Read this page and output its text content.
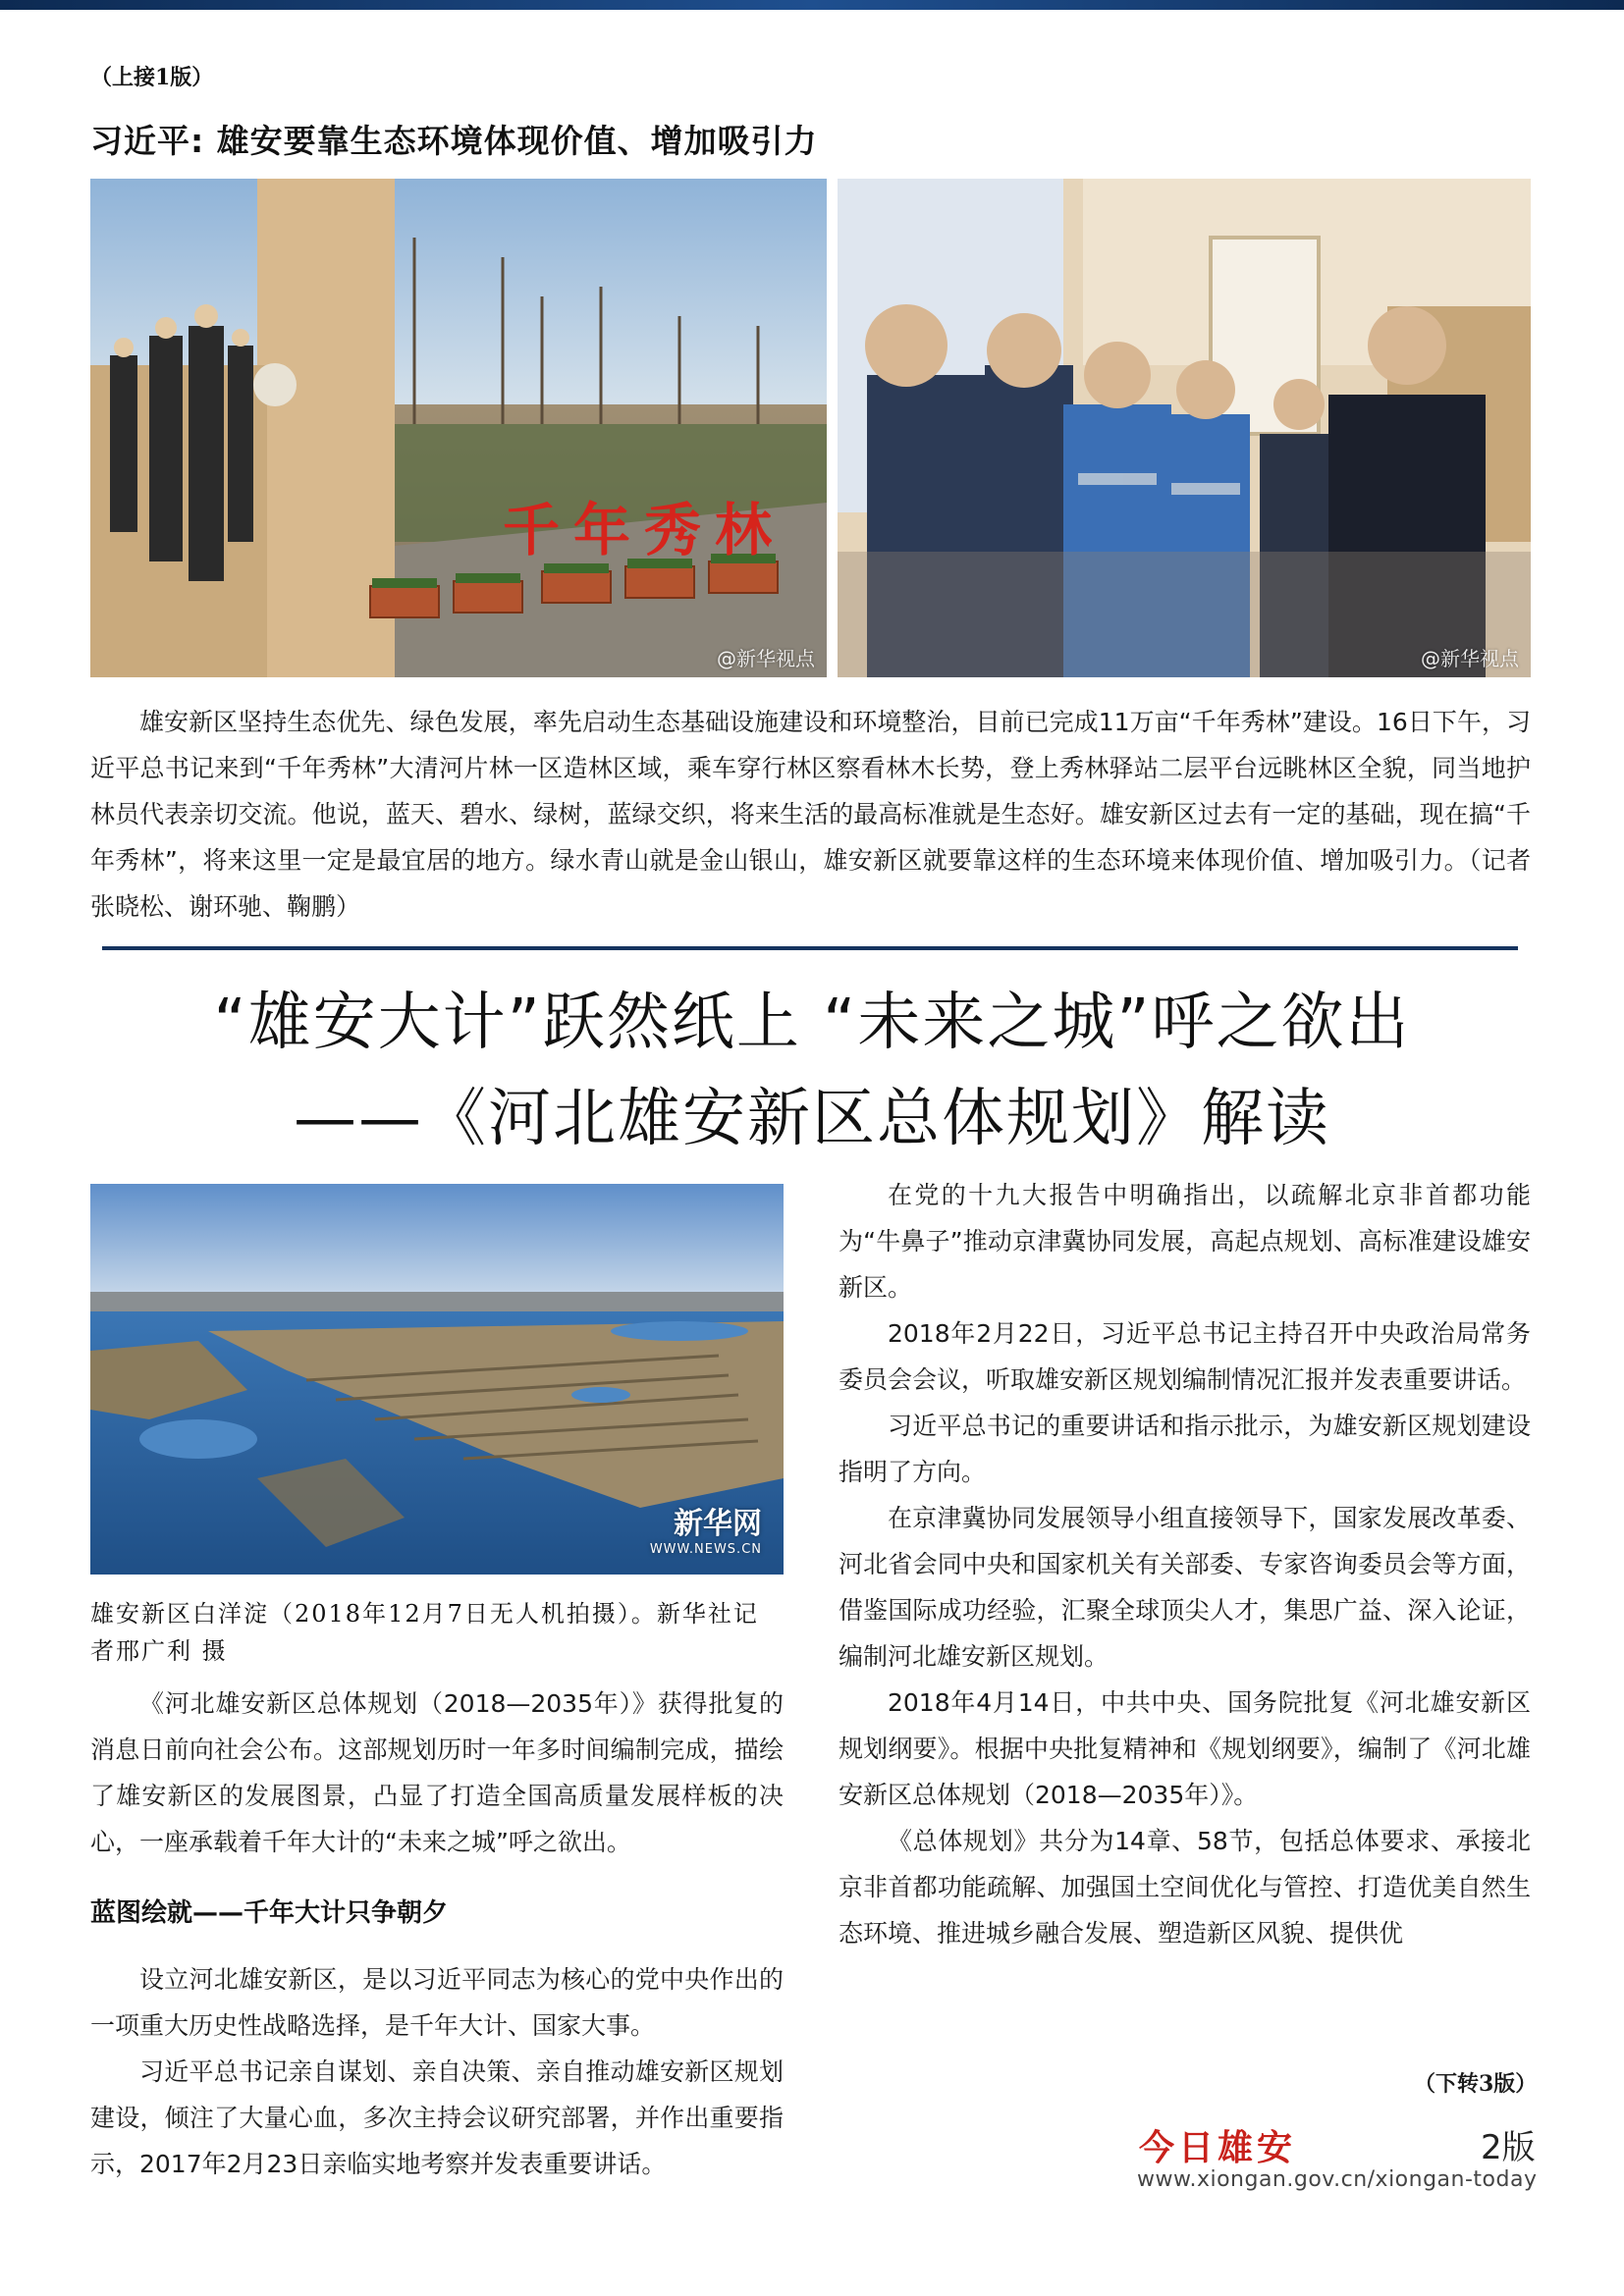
（上接1版）
习近平: 雄安要靠生态环境体现价值、增加吸引力
千年秀林
@新华视点	@新华视点

雄安新区坚持生态优先、绿色发展，率先启动生态基础设施建设和环境整治，目前已完成11万亩“千年秀林”建设。16日下午，习近平总书记来到“千年秀林”大清河片林一区造林区域，乘车穿行林区察看林木长势，登上秀林驿站二层平台远眺林区全貌，同当地护林员代表亲切交流。他说，蓝天、碧水、绿树，蓝绿交织，将来生活的最高标准就是生态好。雄安新区过去有一定的基础，现在搞“千年秀林”，将来这里一定是最宜居的地方。绿水青山就是金山银山，雄安新区就要靠这样的生态环境来体现价值、增加吸引力。（记者张晓松、谢环驰、鞠鹏）

“雄安大计”跃然纸上 “未来之城”呼之欲出
——《河北雄安新区总体规划》解读
新华网
WWW.NEWS.CN
雄安新区白洋淀（2018年12月7日无人机拍摄）。新华社记者邢广利 摄

《河北雄安新区总体规划（2018—2035年）》获得批复的消息日前向社会公布。这部规划历时一年多时间编制完成，描绘了雄安新区的发展图景，凸显了打造全国高质量发展样板的决心，一座承载着千年大计的“未来之城”呼之欲出。

蓝图绘就——千年大计只争朝夕

设立河北雄安新区，是以习近平同志为核心的党中央作出的一项重大历史性战略选择，是千年大计、国家大事。

习近平总书记亲自谋划、亲自决策、亲自推动雄安新区规划建设，倾注了大量心血，多次主持会议研究部署，并作出重要指示，2017年2月23日亲临实地考察并发表重要讲话。

在党的十九大报告中明确指出，以疏解北京非首都功能为“牛鼻子”推动京津冀协同发展，高起点规划、高标准建设雄安新区。

2018年2月22日，习近平总书记主持召开中央政治局常务委员会会议，听取雄安新区规划编制情况汇报并发表重要讲话。

习近平总书记的重要讲话和指示批示，为雄安新区规划建设指明了方向。

在京津冀协同发展领导小组直接领导下，国家发展改革委、河北省会同中央和国家机关有关部委、专家咨询委员会等方面，借鉴国际成功经验，汇聚全球顶尖人才，集思广益、深入论证，编制河北雄安新区规划。

2018年4月14日，中共中央、国务院批复《河北雄安新区规划纲要》。根据中央批复精神和《规划纲要》，编制了《河北雄安新区总体规划（2018—2035年）》。

《总体规划》共分为14章、58节，包括总体要求、承接北京非首都功能疏解、加强国土空间优化与管控、打造优美自然生态环境、推进城乡融合发展、塑造新区风貌、提供优

（下转3版）
今日雄安	2版
www.xiongan.gov.cn/xiongan-today
